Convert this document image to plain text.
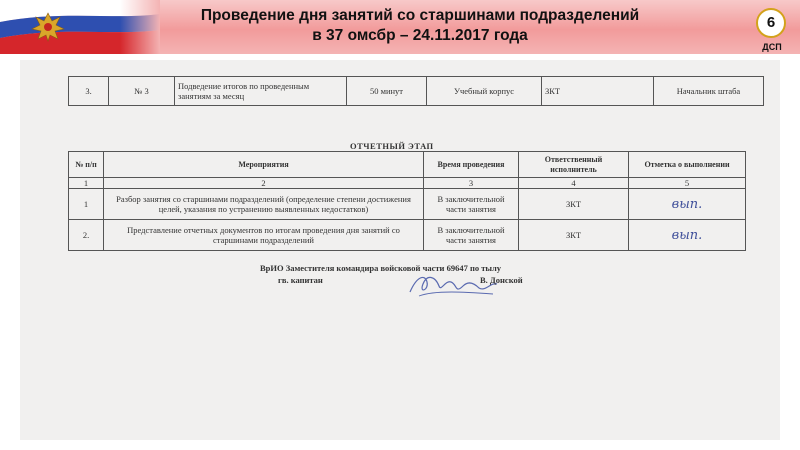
Проведение дня занятий со старшинами подразделений
в 37 омсбр – 24.11.2017 года
6
ДСП
3.	№ 3	Подведение итогов по проведенным занятиям за месяц	50 минут	Учебный корпус	ЗКТ	Начальник штаба
ОТЧЕТНЫЙ ЭТАП
№ п/п	Мероприятия	Время проведения	Ответственный исполнитель	Отметка о выполнении
1	2	3	4	5
1	Разбор занятия со старшинами подразделений (определение степени достижения целей, указания по устранению выявленных недостатков)	В заключительной части занятия	ЗКТ	вып.
2.	Представление отчетных документов по итогам проведения дня занятий со старшинами подразделений	В заключительной части занятия	ЗКТ	вып.
ВрИО Заместителя командира войсковой части 69647 по тылу
гв. капитан	В. Донской
